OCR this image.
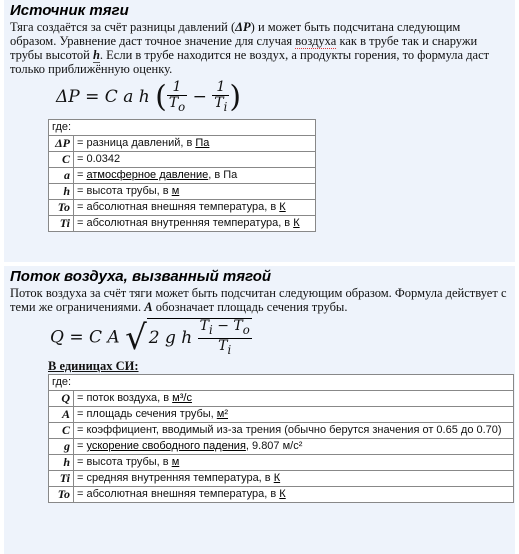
Источник тяги

Тяга создаётся за счёт разницы давлений (ΔP) и может быть подсчитана следующим образом. Уравнение даст точное значение для случая воздуха как в трубе так и снаружи трубы высотой h. Если в трубе находится не воздух, а продукты горения, то формула даст только приближённую оценку.

ΔP = C a h ( $\frac{1}{T_o} - \frac{1}{T_i}$ )
где:	
ΔP	= разница давлений, в Па
C	= 0.0342
a	= атмосферное давление, в Па
h	= высота трубы, в м
To	= абсолютная внешняя температура, в К
Ti	= абсолютная внутренняя температура, в К
Поток воздуха, вызванный тягой

Поток воздуха за счёт тяги может быть подсчитан следующим образом. Формула действует с теми же ограничениями. A обозначает площадь сечения трубы.

Q = C A √ 2 g h $\frac{T_i - T_o}{T_i}$
В единицах СИ:
где:	
Q	= поток воздуха, в м³/с
A	= площадь сечения трубы, м²
C	= коэффициент, вводимый из-за трения (обычно берутся значения от 0.65 до 0.70)
g	= ускорение свободного падения, 9.807 м/с²
h	= высота трубы, в м
Ti	= средняя внутренняя температура, в К
To	= абсолютная внешняя температура, в К
